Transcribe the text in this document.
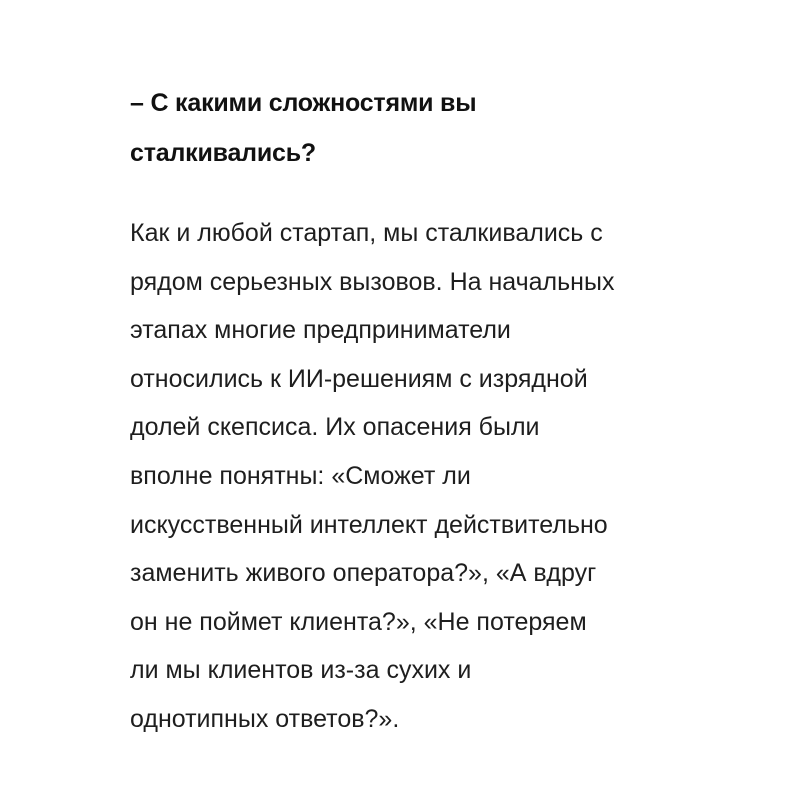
– С какими сложностями вы
сталкивались?

Как и любой стартап, мы сталкивались с
рядом серьезных вызовов. На начальных
этапах многие предприниматели
относились к ИИ-решениям с изрядной
долей скепсиса. Их опасения были
вполне понятны: «Сможет ли
искусственный интеллект действительно
заменить живого оператора?», «А вдруг
он не поймет клиента?», «Не потеряем
ли мы клиентов из-за сухих и
однотипных ответов?».
